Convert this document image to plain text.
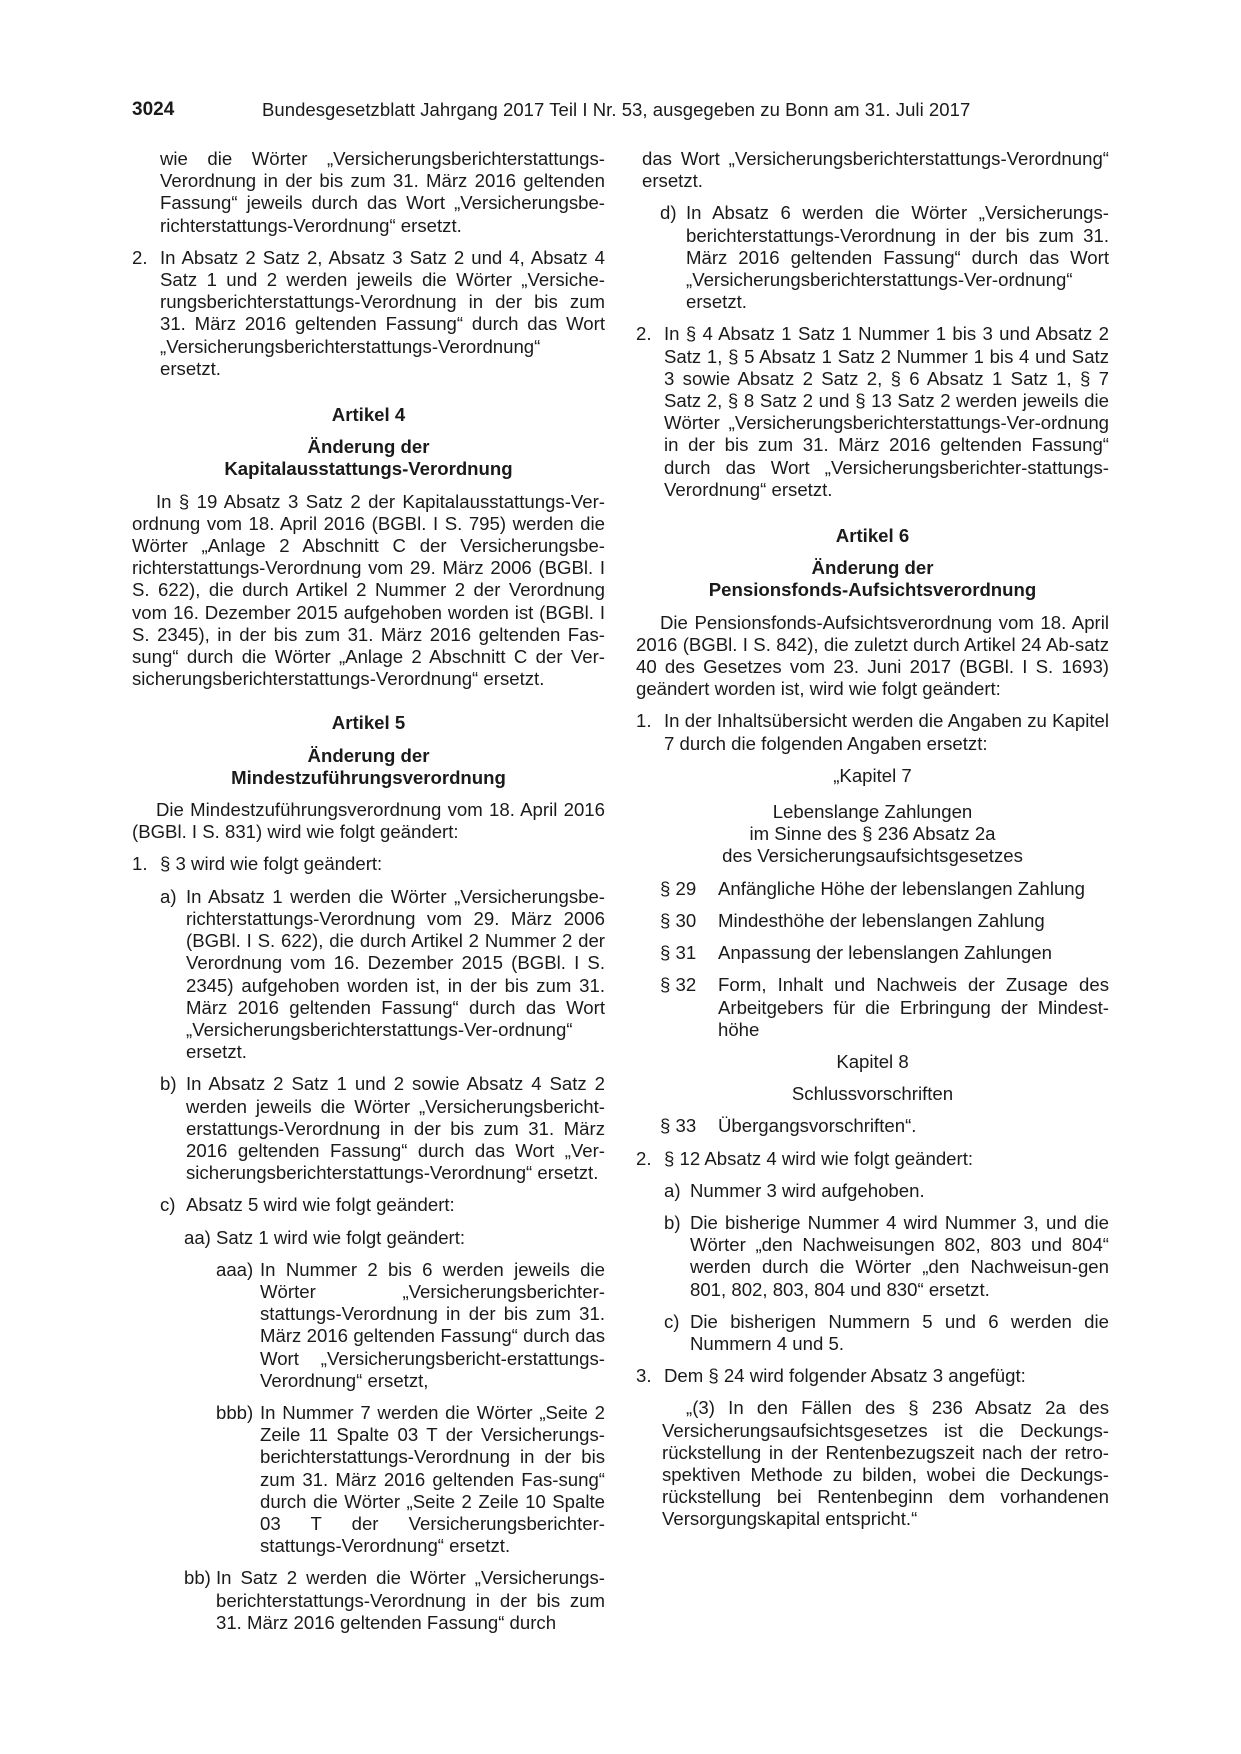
3024	Bundesgesetzblatt Jahrgang 2017 Teil I Nr. 53, ausgegeben zu Bonn am 31. Juli 2017
wie die Wörter „Versicherungsberichterstattungs-Verordnung in der bis zum 31. März 2016 geltenden Fassung“ jeweils durch das Wort „Versicherungsbe-richterstattungs-Verordnung“ ersetzt.
2. In Absatz 2 Satz 2, Absatz 3 Satz 2 und 4, Absatz 4 Satz 1 und 2 werden jeweils die Wörter „Versiche-rungsberichterstattungs-Verordnung in der bis zum 31. März 2016 geltenden Fassung“ durch das Wort „Versicherungsberichterstattungs-Verordnung“ ersetzt.
Artikel 4
Änderung der
Kapitalausstattungs-Verordnung
In § 19 Absatz 3 Satz 2 der Kapitalausstattungs-Ver-ordnung vom 18. April 2016 (BGBl. I S. 795) werden die Wörter „Anlage 2 Abschnitt C der Versicherungsbe-richterstattungs-Verordnung vom 29. März 2006 (BGBl. I S. 622), die durch Artikel 2 Nummer 2 der Verordnung vom 16. Dezember 2015 aufgehoben worden ist (BGBl. I S. 2345), in der bis zum 31. März 2016 geltenden Fas-sung“ durch die Wörter „Anlage 2 Abschnitt C der Ver-sicherungsberichterstattungs-Verordnung“ ersetzt.
Artikel 5
Änderung der
Mindestzuführungsverordnung
Die Mindestzuführungsverordnung vom 18. April 2016 (BGBl. I S. 831) wird wie folgt geändert:
1. § 3 wird wie folgt geändert:
a) In Absatz 1 werden die Wörter „Versicherungsbe-richterstattungs-Verordnung vom 29. März 2006 (BGBl. I S. 622), die durch Artikel 2 Nummer 2 der Verordnung vom 16. Dezember 2015 (BGBl. I S. 2345) aufgehoben worden ist, in der bis zum 31. März 2016 geltenden Fassung“ durch das Wort „Versicherungsberichterstattungs-Ver-ordnung“ ersetzt.
b) In Absatz 2 Satz 1 und 2 sowie Absatz 4 Satz 2 werden jeweils die Wörter „Versicherungsbericht-erstattungs-Verordnung in der bis zum 31. März 2016 geltenden Fassung“ durch das Wort „Ver-sicherungsberichterstattungs-Verordnung“ ersetzt.
c) Absatz 5 wird wie folgt geändert:
aa) Satz 1 wird wie folgt geändert:
aaa) In Nummer 2 bis 6 werden jeweils die Wörter „Versicherungsberichter-stattungs-Verordnung in der bis zum 31. März 2016 geltenden Fassung“ durch das Wort „Versicherungsbericht-erstattungs-Verordnung“ ersetzt,
bbb) In Nummer 7 werden die Wörter „Seite 2 Zeile 11 Spalte 03 T der Versicherungs-berichterstattungs-Verordnung in der bis zum 31. März 2016 geltenden Fas-sung“ durch die Wörter „Seite 2 Zeile 10 Spalte 03 T der Versicherungsberichter-stattungs-Verordnung“ ersetzt.
bb) In Satz 2 werden die Wörter „Versicherungs-berichterstattungs-Verordnung in der bis zum 31. März 2016 geltenden Fassung“ durch
das Wort „Versicherungsberichterstattungs-Verordnung“ ersetzt.
d) In Absatz 6 werden die Wörter „Versicherungs-berichterstattungs-Verordnung in der bis zum 31. März 2016 geltenden Fassung“ durch das Wort „Versicherungsberichterstattungs-Ver-ordnung“ ersetzt.
2. In § 4 Absatz 1 Satz 1 Nummer 1 bis 3 und Absatz 2 Satz 1, § 5 Absatz 1 Satz 2 Nummer 1 bis 4 und Satz 3 sowie Absatz 2 Satz 2, § 6 Absatz 1 Satz 1, § 7 Satz 2, § 8 Satz 2 und § 13 Satz 2 werden jeweils die Wörter „Versicherungsberichterstattungs-Ver-ordnung in der bis zum 31. März 2016 geltenden Fassung“ durch das Wort „Versicherungsberichter-stattungs-Verordnung“ ersetzt.
Artikel 6
Änderung der
Pensionsfonds-Aufsichtsverordnung
Die Pensionsfonds-Aufsichtsverordnung vom 18. April 2016 (BGBl. I S. 842), die zuletzt durch Artikel 24 Ab-satz 40 des Gesetzes vom 23. Juni 2017 (BGBl. I S. 1693) geändert worden ist, wird wie folgt geändert:
1. In der Inhaltsübersicht werden die Angaben zu Kapitel 7 durch die folgenden Angaben ersetzt:
„Kapitel 7
Lebenslange Zahlungen
im Sinne des § 236 Absatz 2a
des Versicherungsaufsichtsgesetzes
§ 29	Anfängliche Höhe der lebenslangen Zahlung
§ 30	Mindesthöhe der lebenslangen Zahlung
§ 31	Anpassung der lebenslangen Zahlungen
§ 32	Form, Inhalt und Nachweis der Zusage des Arbeitgebers für die Erbringung der Mindest-höhe
Kapitel 8
Schlussvorschriften
§ 33	Übergangsvorschriften“.
2. § 12 Absatz 4 wird wie folgt geändert:
a) Nummer 3 wird aufgehoben.
b) Die bisherige Nummer 4 wird Nummer 3, und die Wörter „den Nachweisungen 802, 803 und 804“ werden durch die Wörter „den Nachweisun-gen 801, 802, 803, 804 und 830“ ersetzt.
c) Die bisherigen Nummern 5 und 6 werden die Nummern 4 und 5.
3. Dem § 24 wird folgender Absatz 3 angefügt:
„(3) In den Fällen des § 236 Absatz 2a des Versicherungsaufsichtsgesetzes ist die Deckungs-rückstellung in der Rentenbezugszeit nach der retro-spektiven Methode zu bilden, wobei die Deckungs-rückstellung bei Rentenbeginn dem vorhandenen Versorgungskapital entspricht.“
